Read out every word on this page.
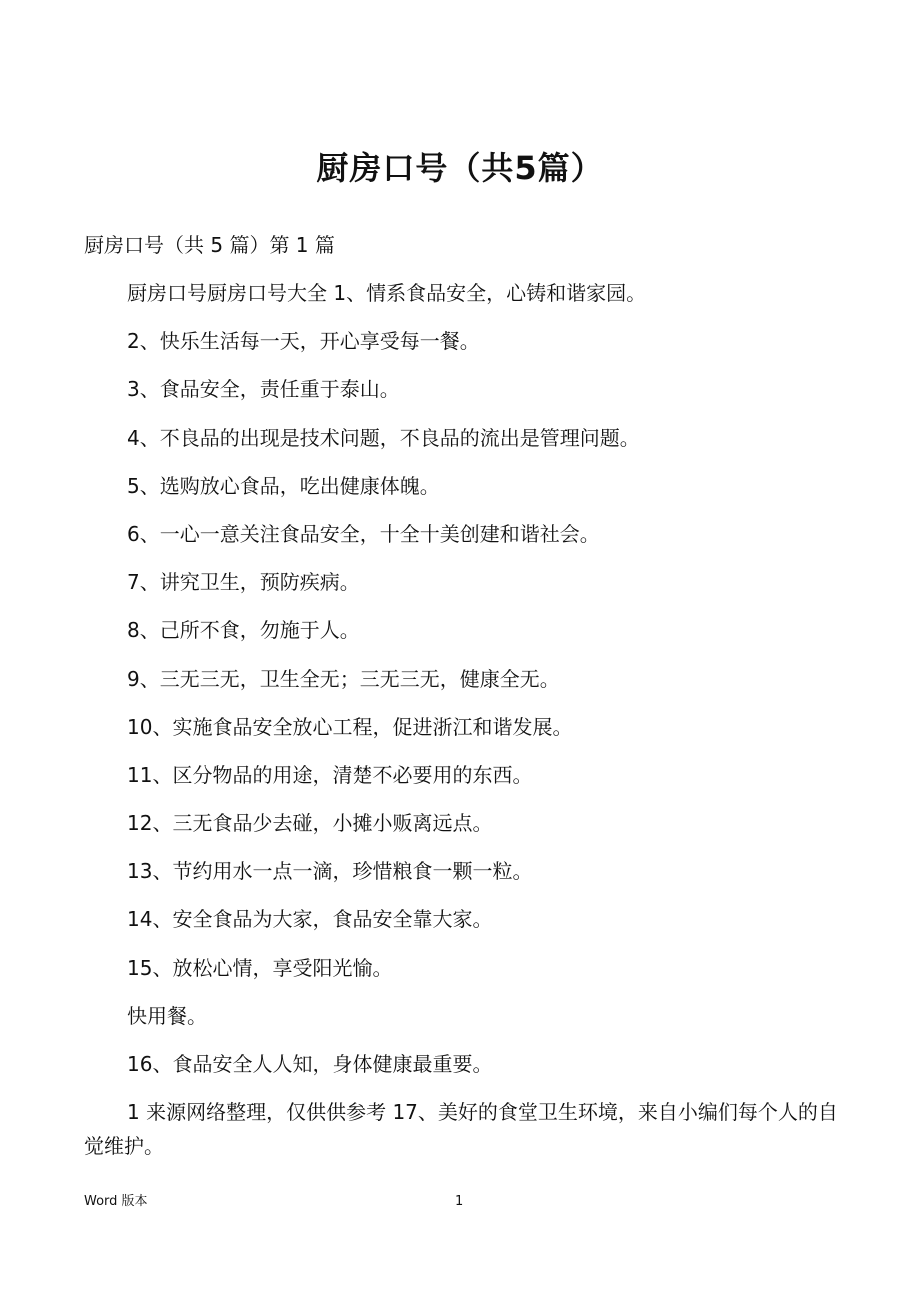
厨房口号（共5篇）
厨房口号（共 5 篇）第 1 篇

厨房口号厨房口号大全 1、情系食品安全，心铸和谐家园。

2、快乐生活每一天，开心享受每一餐。

3、食品安全，责任重于泰山。

4、不良品的出现是技术问题，不良品的流出是管理问题。

5、选购放心食品，吃出健康体魄。

6、一心一意关注食品安全，十全十美创建和谐社会。

7、讲究卫生，预防疾病。

8、己所不食，勿施于人。

9、三无三无，卫生全无；三无三无，健康全无。

10、实施食品安全放心工程，促进浙江和谐发展。

11、区分物品的用途，清楚不必要用的东西。

12、三无食品少去碰，小摊小贩离远点。

13、节约用水一点一滴，珍惜粮食一颗一粒。

14、安全食品为大家，食品安全靠大家。

15、放松心情，享受阳光愉。

快用餐。

16、食品安全人人知，身体健康最重要。

1 来源网络整理，仅供供参考 17、美好的食堂卫生环境，来自小编们每个人的自觉维护。

Word 版本	1
